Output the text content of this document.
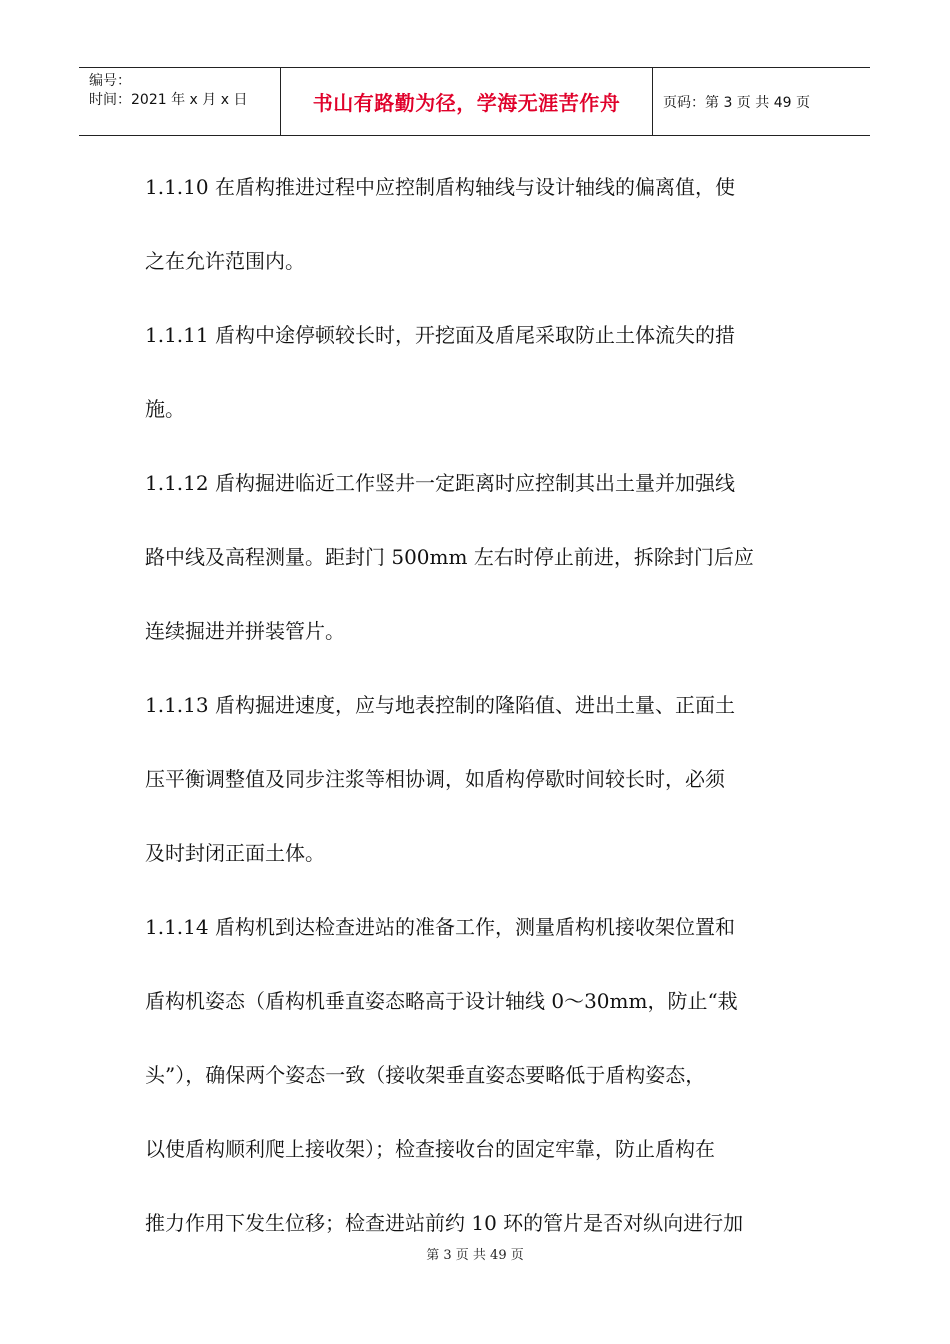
编号：
时间：2021 年 x 月 x 日	书山有路勤为径，学海无涯苦作舟	页码：第 3 页 共 49 页
1.1.10 在盾构推进过程中应控制盾构轴线与设计轴线的偏离值，使
之在允许范围内。
1.1.11 盾构中途停顿较长时，开挖面及盾尾采取防止土体流失的措
施。
1.1.12 盾构掘进临近工作竖井一定距离时应控制其出土量并加强线
路中线及高程测量。距封门 500mm 左右时停止前进，拆除封门后应
连续掘进并拼装管片。
1.1.13 盾构掘进速度，应与地表控制的隆陷值、进出土量、正面土
压平衡调整值及同步注浆等相协调，如盾构停歇时间较长时，必须
及时封闭正面土体。
1.1.14 盾构机到达检查进站的准备工作，测量盾构机接收架位置和
盾构机姿态（盾构机垂直姿态略高于设计轴线 0～30mm，防止“栽
头”），确保两个姿态一致（接收架垂直姿态要略低于盾构姿态，
以使盾构顺利爬上接收架）；检查接收台的固定牢靠，防止盾构在
推力作用下发生位移；检查进站前约 10 环的管片是否对纵向进行加
第 3 页 共 49 页
